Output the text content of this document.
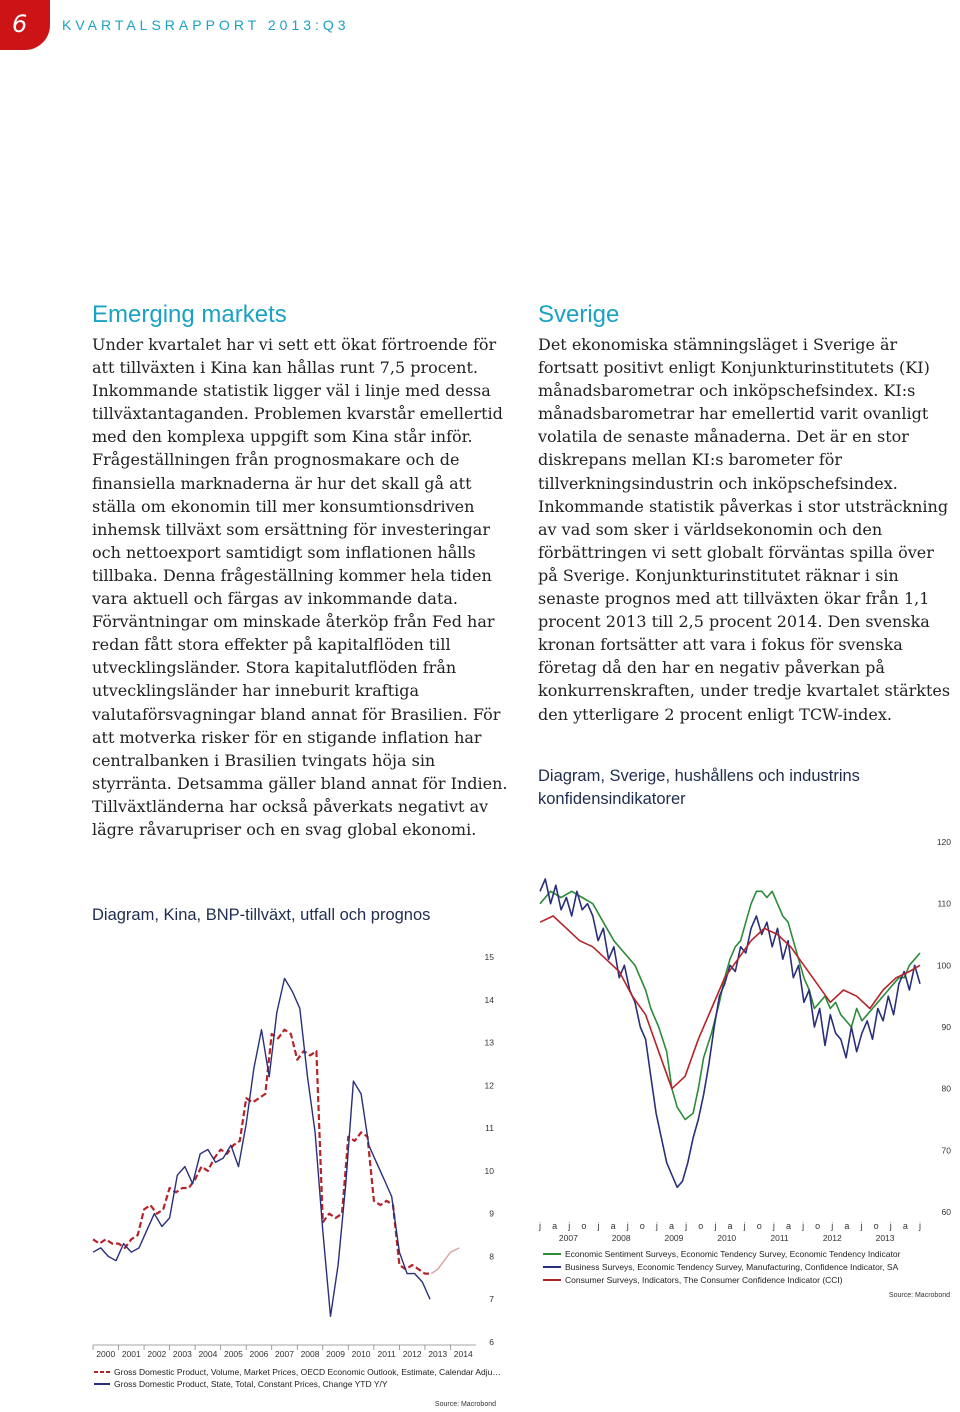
6 KVARTALSRAPPORT 2013:Q3
Emerging markets

Under kvartalet har vi sett ett ökat förtroende för att tillväxten i Kina kan hållas runt 7,5 procent. Inkommande statistik ligger väl i linje med dessa tillväxtantaganden. Problemen kvarstår emellertid med den komplexa uppgift som Kina står inför. Frågeställningen från prognosmakare och de finansiella marknaderna är hur det skall gå att ställa om ekonomin till mer konsumtionsdriven inhemsk tillväxt som ersättning för investeringar och nettoexport samtidigt som inflationen hålls tillbaka. Denna frågeställning kommer hela tiden vara aktuell och färgas av inkommande data. Förväntningar om minskade återköp från Fed har redan fått stora effekter på kapitalflöden till utvecklingsländer. Stora kapitalutflöden från utvecklingsländer har inneburit kraftiga valutaförsvagningar bland annat för Brasilien. För att motverka risker för en stigande inflation har centralbanken i Brasilien tvingats höja sin styrränta. Detsamma gäller bland annat för Indien. Tillväxtländerna har också påverkats negativt av lägre råvarupriser och en svag global ekonomi.

Sverige

Det ekonomiska stämningsläget i Sverige är fortsatt positivt enligt Konjunkturinstitutets (KI) månadsbarometrar och inköpschefsindex. KI:s månadsbarometrar har emellertid varit ovanligt volatila de senaste månaderna. Det är en stor diskrepans mellan KI:s barometer för tillverkningsindustrin och inköpschefsindex. Inkommande statistik påverkas i stor utsträckning av vad som sker i världsekonomin och den förbättringen vi sett globalt förväntas spilla över på Sverige. Konjunkturinstitutet räknar i sin senaste prognos med att tillväxten ökar från 1,1 procent 2013 till 2,5 procent 2014. Den svenska kronan fortsätter att vara i fokus för svenska företag då den har en negativ påverkan på konkurrenskraften, under tredje kvartalet stärktes den ytterligare 2 procent enligt TCW-index.

Diagram, Sverige, hushållens och industrins konfidensindikatorer

Diagram, Kina, BNP-tillväxt, utfall och prognos

120
110
100
90
80
70
60
j a j o j a j o j a j o j a j o j a j o j a j o j a j
2007	2008	2009	2010	2011	2012	2013
Economic Sentiment Surveys, Economic Tendency Survey, Economic Tendency Indicator
Business Surveys, Economic Tendency Survey, Manufacturing, Confidence Indicator, SA
Consumer Surveys, Indicators, The Consumer Confidence Indicator (CCI)
Source: Macrobond
15
14
13
12
11
10
9
8
7
6
2000 2001 2002 2003 2004 2005 2006 2007 2008 2009 2010 2011 2012 2013 2014
Gross Domestic Product, Volume, Market Prices, OECD Economic Outlook, Estimate, Calendar Adju…
Gross Domestic Product, State, Total, Constant Prices, Change YTD Y/Y
Source: Macrobond
